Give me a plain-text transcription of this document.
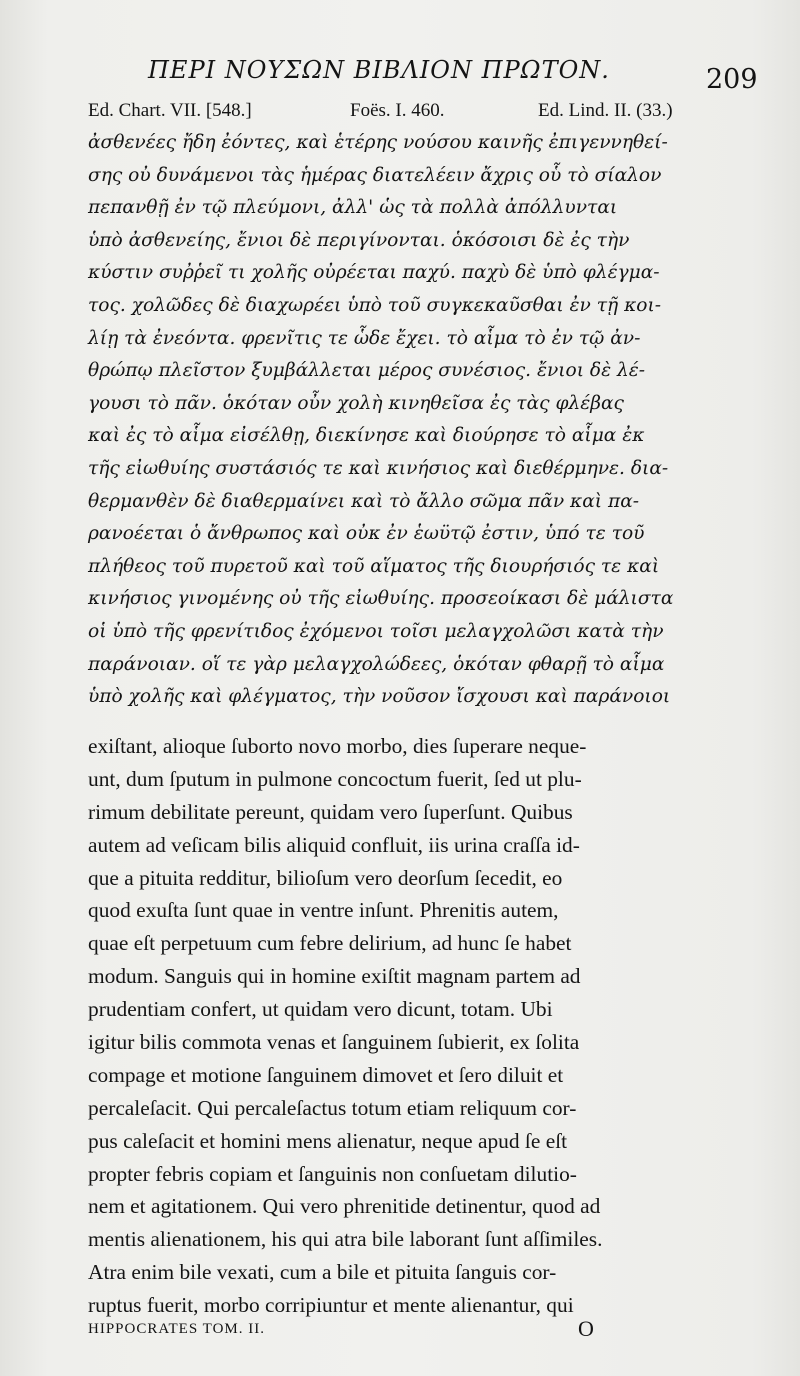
ΠΕΡΙ ΝΟΥΣΩΝ ΒΙΒΛΙΟΝ ΠΡΩΤΟΝ.	209
Ed. Chart. VII. [548.]	Foës. I. 460.	Ed. Lind. II. (33.)
ἀσθενέες ἤδη ἐόντες, καὶ ἑτέρης νούσου καινῆς ἐπιγεννηθεί-
σης οὐ δυνάμενοι τὰς ἡμέρας διατελέειν ἄχρις οὗ τὸ σίαλον
πεπανθῇ ἐν τῷ πλεύμονι, ἀλλ' ὡς τὰ πολλὰ ἀπόλλυνται
ὑπὸ ἀσθενείης, ἔνιοι δὲ περιγίνονται. ὁκόσοισι δὲ ἐς τὴν
κύστιν συῤῥεῖ τι χολῆς οὐρέεται παχύ. παχὺ δὲ ὑπὸ φλέγμα-
τος. χολῶδες δὲ διαχωρέει ὑπὸ τοῦ συγκεκαῦσθαι ἐν τῇ κοι-
λίῃ τὰ ἐνεόντα. φρενῖτις τε ὧδε ἔχει. τὸ αἷμα τὸ ἐν τῷ ἀν-
θρώπῳ πλεῖστον ξυμβάλλεται μέρος συνέσιος. ἔνιοι δὲ λέ-
γουσι τὸ πᾶν. ὁκόταν οὖν χολὴ κινηθεῖσα ἐς τὰς φλέβας
καὶ ἐς τὸ αἷμα εἰσέλθῃ, διεκίνησε καὶ διούρησε τὸ αἷμα ἐκ
τῆς εἰωθυίης συστάσιός τε καὶ κινήσιος καὶ διεθέρμηνε. δια-
θερμανθὲν δὲ διαθερμαίνει καὶ τὸ ἄλλο σῶμα πᾶν καὶ πα-
ρανοέεται ὁ ἄνθρωπος καὶ οὐκ ἐν ἑωϋτῷ ἐστιν, ὑπό τε τοῦ
πλήθεος τοῦ πυρετοῦ καὶ τοῦ αἵματος τῆς διουρήσιός τε καὶ
κινήσιος γινομένης οὐ τῆς εἰωθυίης. προσεοίκασι δὲ μάλιστα
οἱ ὑπὸ τῆς φρενίτιδος ἐχόμενοι τοῖσι μελαγχολῶσι κατὰ τὴν
παράνοιαν. οἵ τε γὰρ μελαγχολώδεες, ὁκόταν φθαρῇ τὸ αἷμα
ὑπὸ χολῆς καὶ φλέγματος, τὴν νοῦσον ἴσχουσι καὶ παράνοιοι
exiſtant, alioque ſuborto novo morbo, dies ſuperare neque-
unt, dum ſputum in pulmone concoctum fuerit, ſed ut plu-
rimum debilitate pereunt, quidam vero ſuperſunt. Quibus
autem ad veſicam bilis aliquid confluit, iis urina craſſa id-
que a pituita redditur, bilioſum vero deorſum ſecedit, eo
quod exuſta ſunt quae in ventre inſunt. Phrenitis autem,
quae eſt perpetuum cum febre delirium, ad hunc ſe habet
modum. Sanguis qui in homine exiſtit magnam partem ad
prudentiam confert, ut quidam vero dicunt, totam. Ubi
igitur bilis commota venas et ſanguinem ſubierit, ex ſolita
compage et motione ſanguinem dimovet et ſero diluit et
percaleſacit. Qui percaleſactus totum etiam reliquum cor-
pus caleſacit et homini mens alienatur, neque apud ſe eſt
propter febris copiam et ſanguinis non conſuetam dilutio-
nem et agitationem. Qui vero phrenitide detinentur, quod ad
mentis alienationem, his qui atra bile laborant ſunt aſſimiles.
Atra enim bile vexati, cum a bile et pituita ſanguis cor-
ruptus fuerit, morbo corripiuntur et mente alienantur, qui
HIPPOCRATES TOM. II.	O
